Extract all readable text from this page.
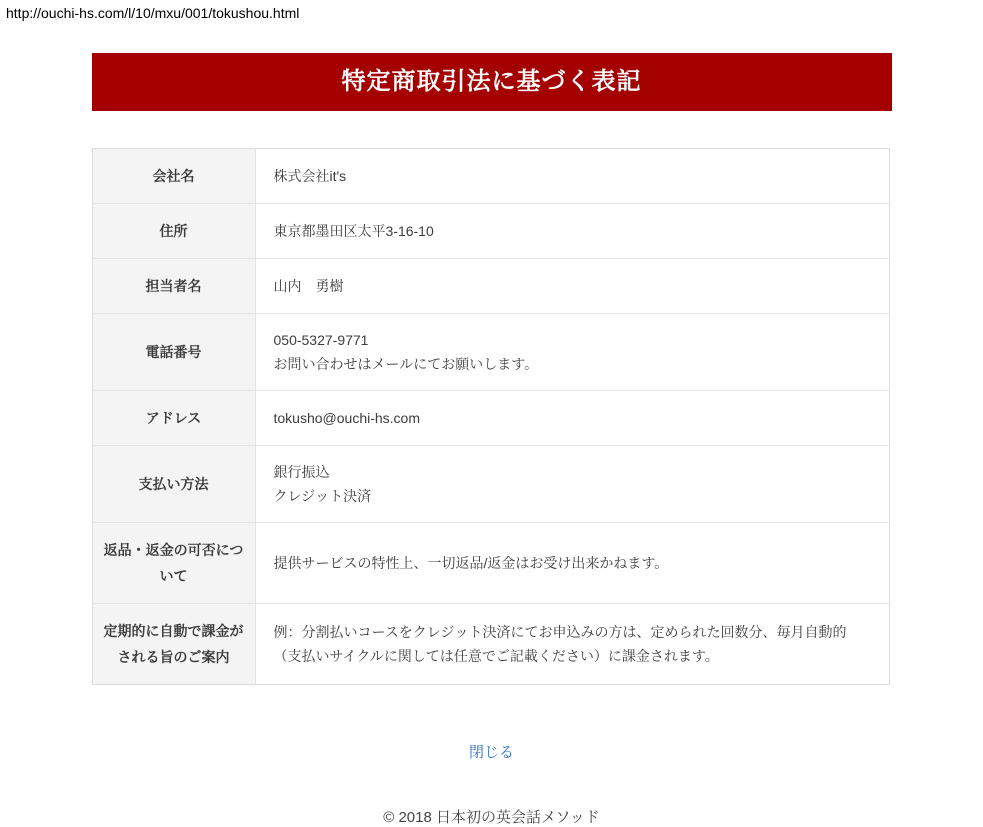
http://ouchi-hs.com/l/10/mxu/001/tokushou.html
特定商取引法に基づく表記
会社名	株式会社it's

住所	東京都墨田区太平3-16-10

担当者名	山内　勇樹

電話番号	050-5327-9771
お問い合わせはメールにてお願いします。

アドレス	tokusho@ouchi-hs.com

支払い方法	銀行振込
クレジット決済

返品・返金の可否について	提供サービスの特性上、一切返品/返金はお受け出来かねます。

定期的に自動で課金がされる旨のご案内	例：分割払いコースをクレジット決済にてお申込みの方は、定められた回数分、毎月自動的（支払いサイクルに関しては任意でご記載ください）に課金されます。
閉じる
© 2018 日本初の英会話メソッド
